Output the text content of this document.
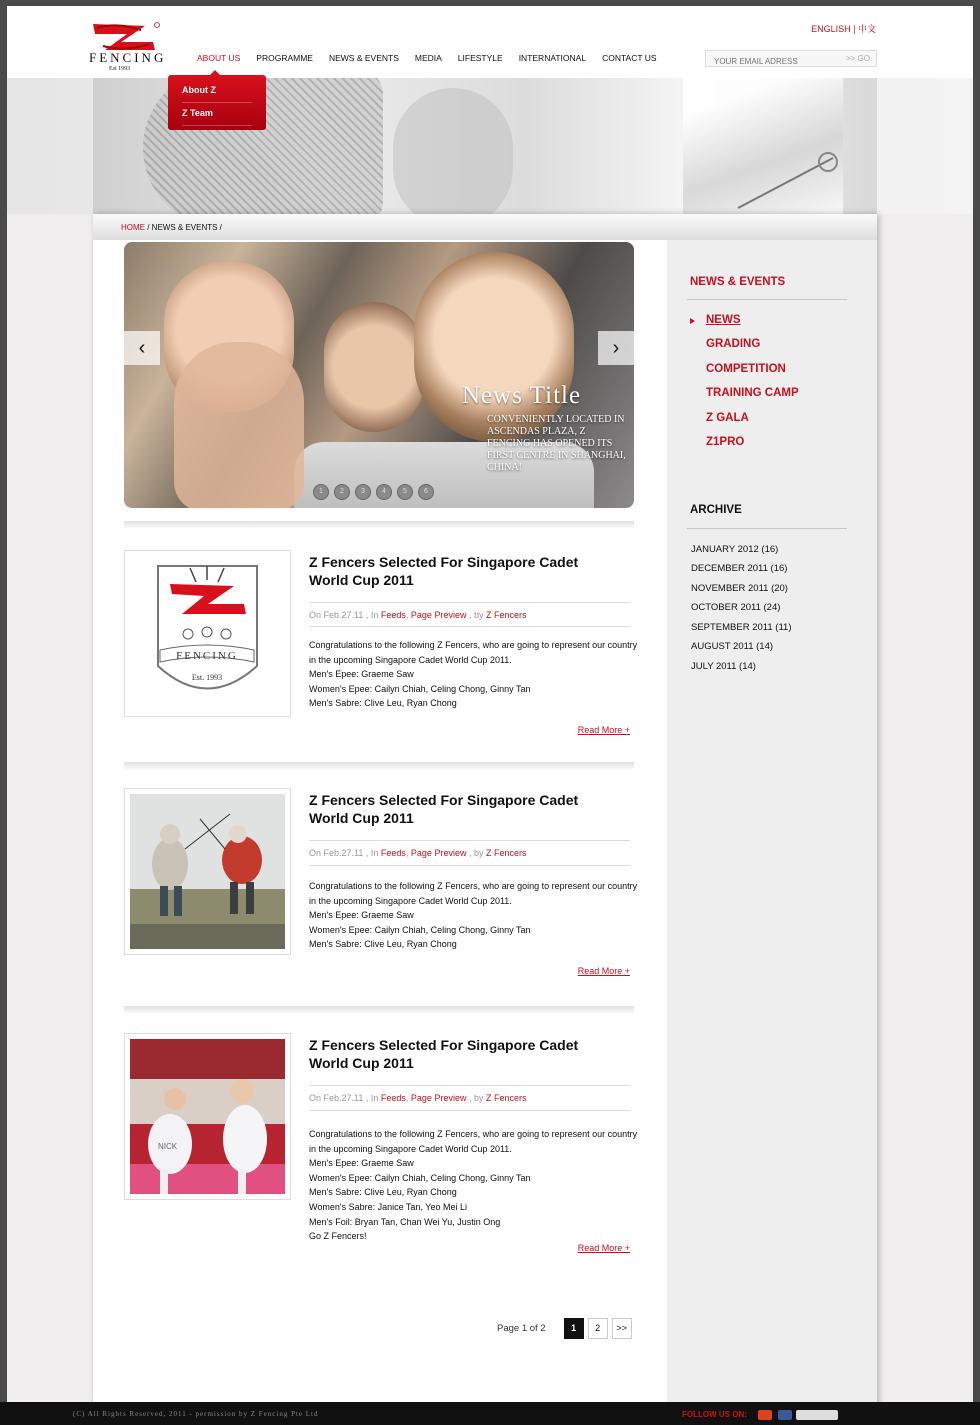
FENCING
Est 1993
ENGLISH | 中文
ABOUT US PROGRAMME NEWS & EVENTS MEDIA LIFESTYLE INTERNATIONAL CONTACT US
YOUR EMAIL ADRESS	>> GO
About Z
Z Team
HOME / NEWS & EVENTS /
News Title
CONVENIENTLY LOCATED IN ASCENDAS PLAZA, Z FENCING HAS OPENED ITS FIRST CENTRE IN SHANGHAI, CHINA!
‹	›
1	2	3	4	5	6
FENCING
Est. 1993
Z Fencers Selected For Singapore Cadet World Cup 2011
On Feb.27.11 , In Feeds, Page Preview , by Z Fencers
Congratulations to the following Z Fencers, who are going to represent our country in the upcoming Singapore Cadet World Cup 2011.
Men's Epee: Graeme Saw
Women's Epee: Cailyn Chiah, Celing Chong, Ginny Tan
Men's Sabre: Clive Leu, Ryan Chong
Read More +
Z Fencers Selected For Singapore Cadet World Cup 2011
On Feb.27.11 , In Feeds, Page Preview , by Z Fencers
Congratulations to the following Z Fencers, who are going to represent our country in the upcoming Singapore Cadet World Cup 2011.
Men's Epee: Graeme Saw
Women's Epee: Cailyn Chiah, Celing Chong, Ginny Tan
Men's Sabre: Clive Leu, Ryan Chong
Read More +
NICK
Z Fencers Selected For Singapore Cadet World Cup 2011
On Feb.27.11 , In Feeds, Page Preview , by Z Fencers
Congratulations to the following Z Fencers, who are going to represent our country in the upcoming Singapore Cadet World Cup 2011.
Men's Epee: Graeme Saw
Women's Epee: Cailyn Chiah, Celing Chong, Ginny Tan
Men's Sabre: Clive Leu, Ryan Chong
Women's Sabre: Janice Tan, Yeo Mei Li
Men's Foil: Bryan Tan, Chan Wei Yu, Justin Ong
Go Z Fencers!
Read More +
Page 1 of 2	1	2	>>
NEWS & EVENTS
NEWS
GRADING
COMPETITION
TRAINING CAMP
Z GALA
Z1PRO
ARCHIVE
JANUARY 2012 (16)
DECEMBER 2011 (16)
NOVEMBER 2011 (20)
OCTOBER 2011 (24)
SEPTEMBER 2011 (11)
AUGUST 2011 (14)
JULY 2011 (14)
(C) All Rights Reserved, 2011 - permission by Z Fencing Pte Ltd	FOLLOW US ON:
